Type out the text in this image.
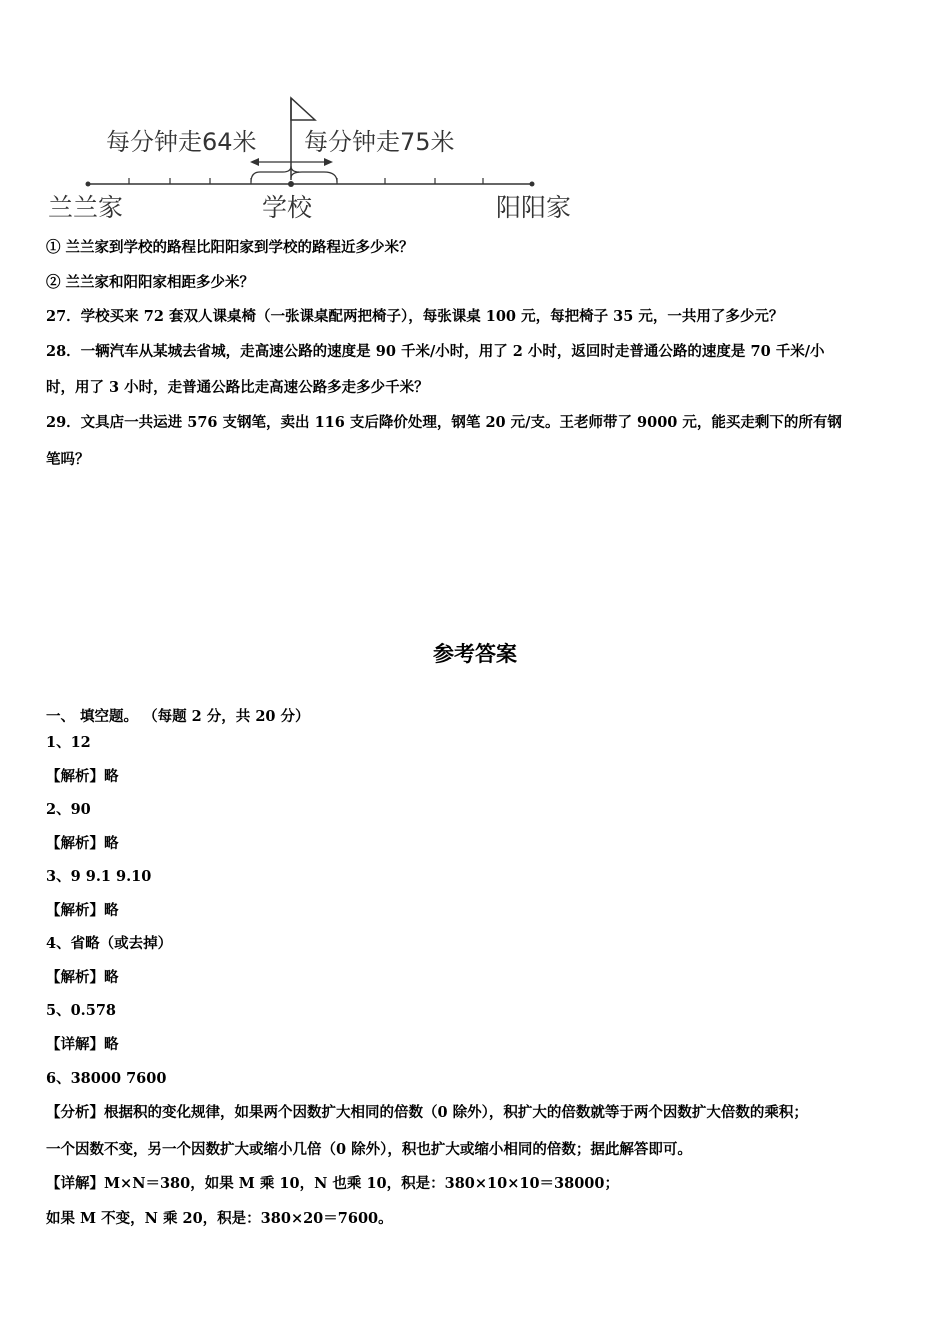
每分钟走64米 每分钟走75米
兰兰家	学校	阳阳家
① 兰兰家到学校的路程比阳阳家到学校的路程近多少米？
② 兰兰家和阳阳家相距多少米？
27．学校买来 72 套双人课桌椅（一张课桌配两把椅子），每张课桌 100 元，每把椅子 35 元，一共用了多少元？
28．一辆汽车从某城去省城，走高速公路的速度是 90 千米/小时，用了 2 小时，返回时走普通公路的速度是 70 千米/小
时，用了 3 小时，走普通公路比走高速公路多走多少千米？
29．文具店一共运进 576 支钢笔，卖出 116 支后降价处理，钢笔 20 元/支。王老师带了 9000 元，能买走剩下的所有钢
笔吗？
参考答案
一、 填空题。 （每题 2 分，共 20 分）
1、12
【解析】略
2、90
【解析】略
3、9 9.1 9.10
【解析】略
4、省略（或去掉）
【解析】略
5、0.578
【详解】略
6、38000 7600
【分析】根据积的变化规律，如果两个因数扩大相同的倍数（0 除外），积扩大的倍数就等于两个因数扩大倍数的乘积；
一个因数不变，另一个因数扩大或缩小几倍（0 除外），积也扩大或缩小相同的倍数；据此解答即可。
【详解】M×N＝380，如果 M 乘 10，N 也乘 10，积是：380×10×10＝38000；
如果 M 不变，N 乘 20，积是：380×20＝7600。
